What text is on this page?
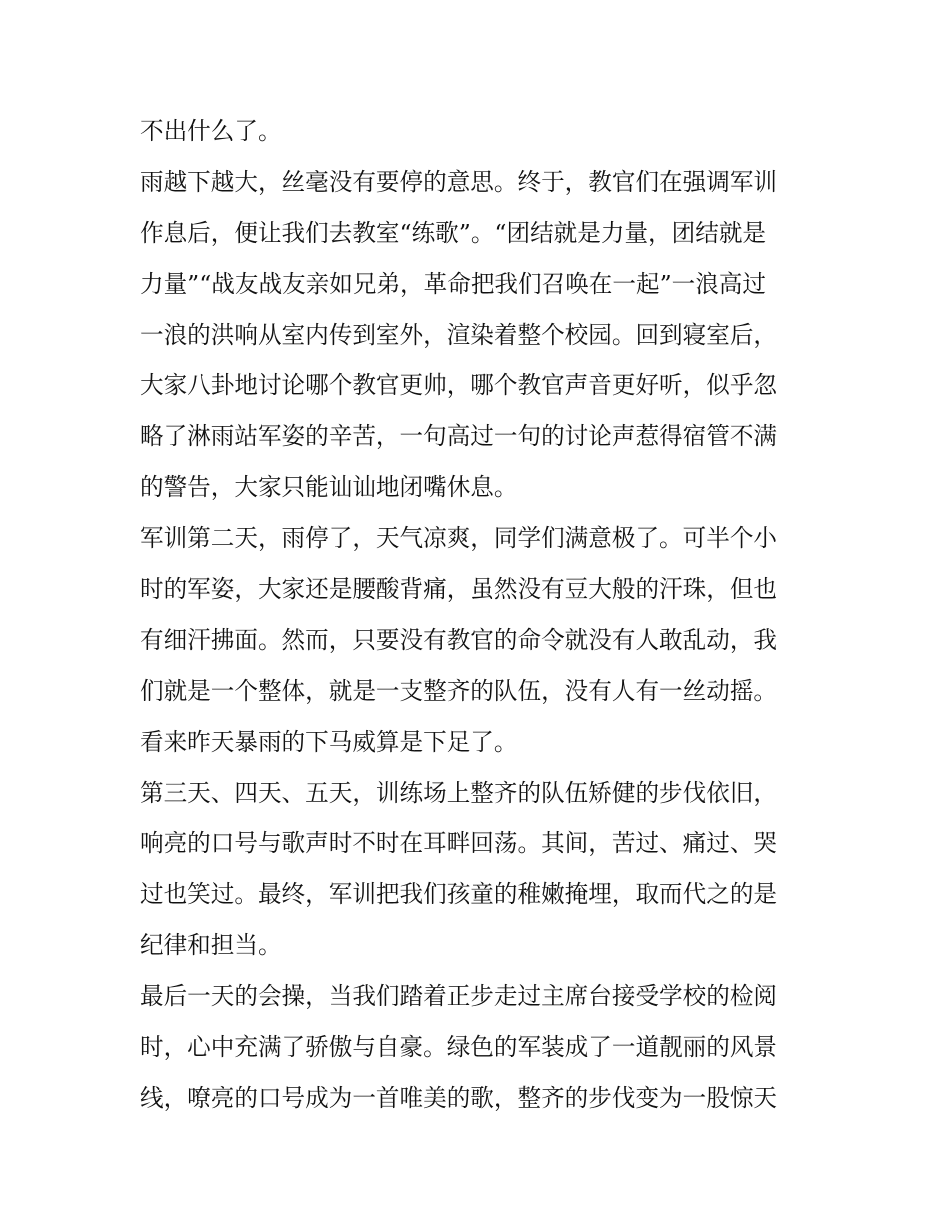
不出什么了。
雨越下越大，丝毫没有要停的意思。终于，教官们在强调军训
作息后，便让我们去教室“练歌”。“团结就是力量，团结就是
力量”“战友战友亲如兄弟，革命把我们召唤在一起”一浪高过
一浪的洪响从室内传到室外，渲染着整个校园。回到寝室后，
大家八卦地讨论哪个教官更帅，哪个教官声音更好听，似乎忽
略了淋雨站军姿的辛苦，一句高过一句的讨论声惹得宿管不满
的警告，大家只能讪讪地闭嘴休息。
军训第二天，雨停了，天气凉爽，同学们满意极了。可半个小
时的军姿，大家还是腰酸背痛，虽然没有豆大般的汗珠，但也
有细汗拂面。然而，只要没有教官的命令就没有人敢乱动，我
们就是一个整体，就是一支整齐的队伍，没有人有一丝动摇。
看来昨天暴雨的下马威算是下足了。
第三天、四天、五天，训练场上整齐的队伍矫健的步伐依旧，
响亮的口号与歌声时不时在耳畔回荡。其间，苦过、痛过、哭
过也笑过。最终，军训把我们孩童的稚嫩掩埋，取而代之的是
纪律和担当。
最后一天的会操，当我们踏着正步走过主席台接受学校的检阅
时，心中充满了骄傲与自豪。绿色的军装成了一道靓丽的风景
线，嘹亮的口号成为一首唯美的歌，整齐的步伐变为一股惊天
